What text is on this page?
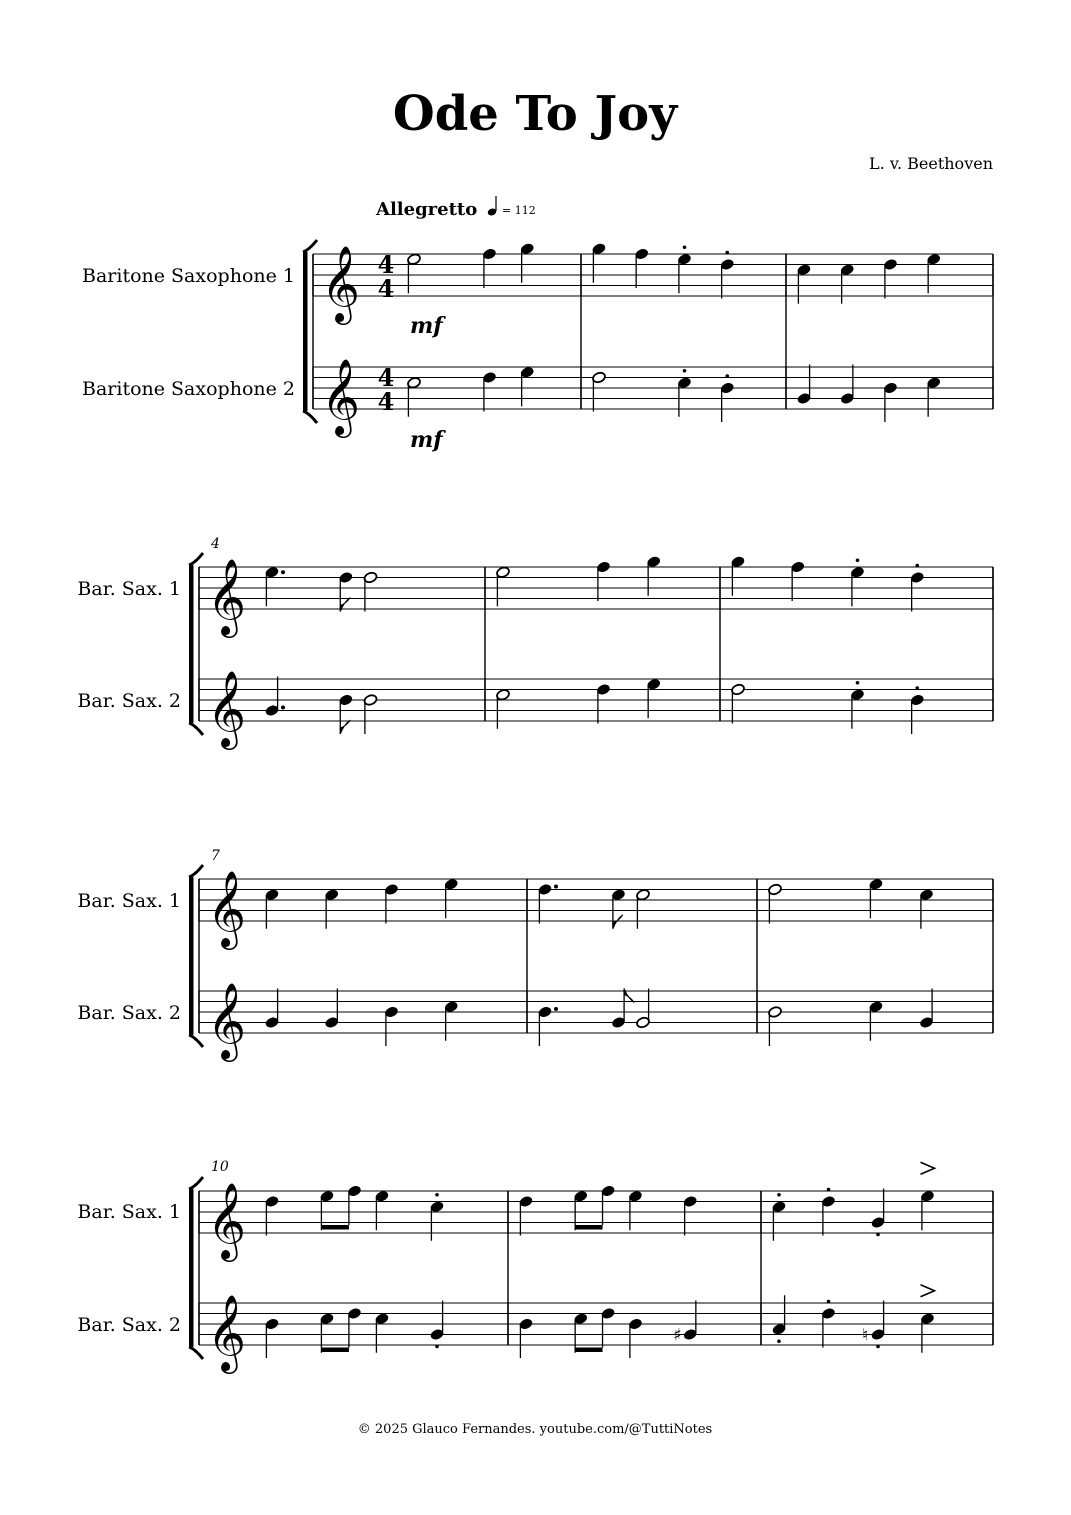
Ode To Joy
L. v. Beethoven
Allegretto = 112
Baritone Saxophone 1
Baritone Saxophone 2
Bar. Sax. 1
Bar. Sax. 2
Bar. Sax. 1
Bar. Sax. 2
Bar. Sax. 1
Bar. Sax. 2
4
7
10
4
4
4
4
mf
mf
© 2025 Glauco Fernandes. youtube.com/@TuttiNotes
𝄞
𝄞
𝄞
𝄞
𝄞
𝄞
♯	♮
𝄞
𝄞
